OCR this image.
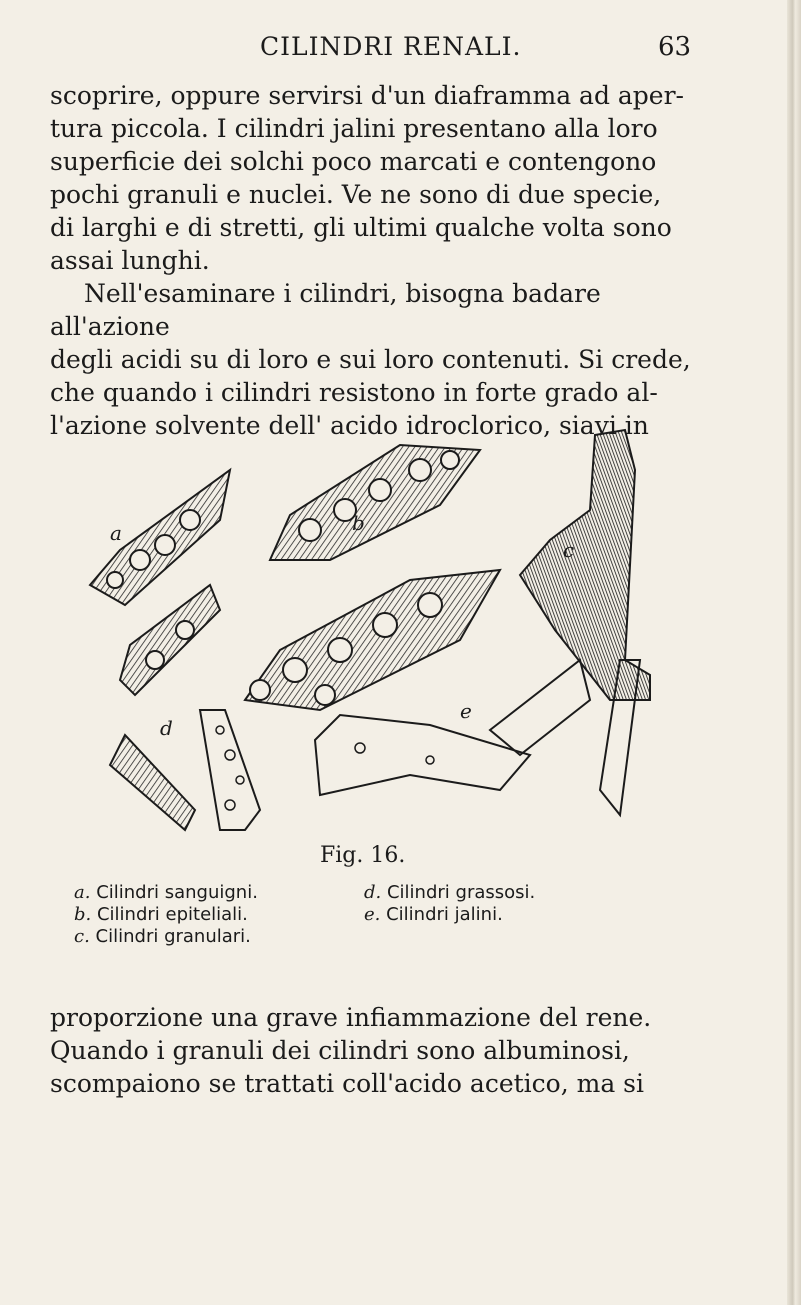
CILINDRI RENALI.	63

scoprire, oppure servirsi d'un diaframma ad aper-
tura piccola. I cilindri jalini presentano alla loro
superficie dei solchi poco marcati e contengono
pochi granuli e nuclei. Ve ne sono di due specie,
di larghi e di stretti, gli ultimi qualche volta sono
assai lunghi.

Nell'esaminare i cilindri, bisogna badare all'azione
degli acidi su di loro e sui loro contenuti. Si crede,
che quando i cilindri resistono in forte grado al-
l'azione solvente dell' acido idroclorico, siavi in

a	b
c
d
e
Fig. 16.
a. Cilindri sanguigni.	d. Cilindri grassosi.
b. Cilindri epiteliali.	e. Cilindri jalini.
c. Cilindri granulari.

proporzione una grave infiammazione del rene.
Quando i granuli dei cilindri sono albuminosi,
scompaiono se trattati coll'acido acetico, ma si
